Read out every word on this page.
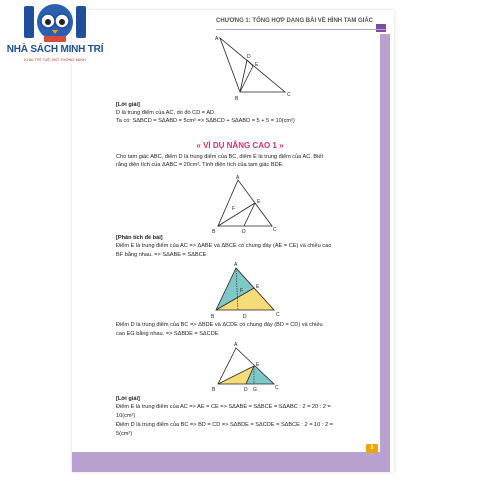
NHÀ SÁCH MINH TRÍ
KHAI TRÍ TUỆ, MỞ THÔNG MINH
CHƯƠNG 1: TỔNG HỢP DẠNG BÀI VỀ HÌNH TAM GIÁC
A
D
E
B
C
[Lời giải]
D là trung điểm của AC, do đó CD = AD.
Ta có: SΔBCD = SΔABD = 5cm² => SΔBCD + SΔABD = 5 + 5 = 10(cm²)
« VÍ DỤ NÂNG CAO 1 »
Cho tam giác ABC, điểm D là trung điểm của BC, điểm E là trung điểm của AC. Biết
rằng diện tích của ΔABC = 20cm². Tính diện tích của tam giác BDE.
A
E
F
B	D	C
[Phân tích đề bài]
Điểm E là trung điểm của AC => ΔABE và ΔBCE có chung đáy (AE = CE) và chiều cao
BF bằng nhau. => SΔABE = SΔBCE
A
F
E
B	D	C
Điểm D là trung điểm của BC => ΔBDE và ΔCDE có chung đáy (BD = CD) và chiều
cao EG bằng nhau. => SΔBDE = SΔCDE
A
E
B	D G	C
[Lời giải]
Điểm E là trung điểm của AC => AE = CE => SΔABE = SΔBCE = SΔABC : 2 = 20 : 2 =
10(cm²)
Điểm D là trung điểm của BC => BD = CD => SΔBDE = SΔCDE = SΔBCE : 2 = 10 : 2 =
5(cm²)
5
